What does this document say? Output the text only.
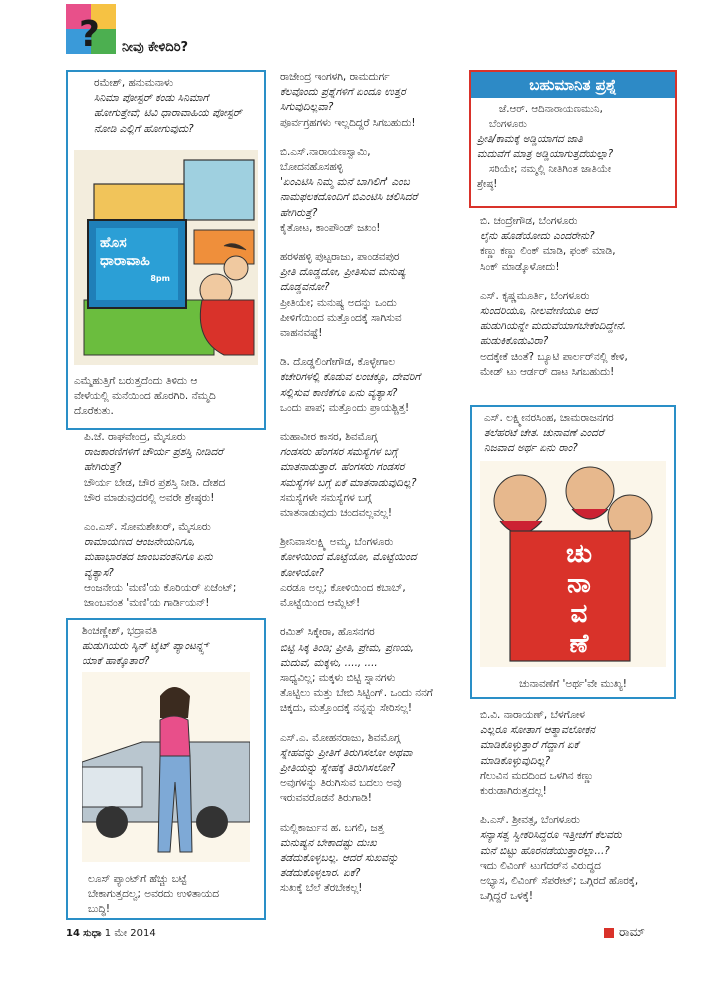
? ನೀವು ಕೇಳಿದಿರಿ?
ರಮೇಶ್, ಹನುಮನಾಳು
ಸಿನಿಮಾ ಪೋಸ್ಟರ್ ಕಂಡು ಸಿನಿಮಾಗೆ
ಹೋಗುತ್ತೇವೆ; ಟಿವಿ ಧಾರಾವಾಹಿಯ ಪೋಸ್ಟರ್
ನೋಡಿ ಎಲ್ಲಿಗೆ ಹೋಗುವುದು?
ಹೊಸ
ಧಾರಾವಾಹಿ
8pm
ಎಮ್ಮೆಹುತ್ತಿಗೆ ಬರುತ್ತದೆಂದು ತಿಳಿದು ಆ
ವೇಳೆಯಲ್ಲಿ ಮನೆಯಿಂದ ಹೊರಗಿರಿ. ನೆಮ್ಮದಿ
ದೊರೆಕುತು.

ಪಿ.ಜೆ. ರಾಘವೇಂದ್ರ, ಮೈಸೂರು

ರಾಜಕಾರಣಿಗಳಿಗೆ ಚೌರ್ಯ ಪ್ರಶಸ್ತಿ ನೀಡಿದರೆ

ಹೇಗಿರುತ್ತೆ?

ಚೌರ್ಯ ಬೇಡ, ಚೌರ ಪ್ರಶಸ್ತಿ ನೀಡಿ. ದೇಶದ

ಚೌರ ಮಾಡುವುದರಲ್ಲಿ ಅವರೇ ಶ್ರೇಷ್ಠರು!

ಎಂ.ಎಸ್. ಸೋಮಶೇಖರ್, ಮೈಸೂರು

ರಾಮಾಯಣದ ಆಂಜನೇಯನಿಗೂ,

ಮಹಾಭಾರತದ ಜಾಂಬವಂತನಿಗೂ ಏನು

ವ್ಯತ್ಯಾಸ?

ಆಂಜನೇಯ 'ಮಣಿ'ಯ ಕೊರಿಯರ್ ಏಜೆಂಟ್;

ಜಾಂಬವಂತ 'ಮಣಿ'ಯ ಗಾರ್ಡಿಯನ್!

ಶಿಂಚಣ್ಣೇಶ್, ಭದ್ರಾವತಿ
ಹುಡುಗಿಯರು ಸ್ಕಿನ್ ಟೈಟ್ ಪ್ಯಾಂಟನ್ನ್ಸ್
ಯಾಕೆ ಹಾಕ್ಕೊತಾರೆ?
ಲೂಸ್ ಪ್ಯಾಂಟ್‌ಗೆ ಹೆಚ್ಚು ಬಟ್ಟೆ
ಬೇಕಾಗುತ್ತದಲ್ವ; ಅವರದು ಉಳಿತಾಯದ
ಬುದ್ಧಿ!

ರಾಜೇಂದ್ರ ಇಂಗಳಗಿ, ರಾಮದುರ್ಗ

ಕೆಲವೊಂದು ಪ್ರಶ್ನೆಗಳಿಗೆ ಏಂದೂ ಉತ್ತರ

ಸಿಗುವುದಿಲ್ಲವಾ?

ಪೂರ್ವಗ್ರಹಗಳು ಇಲ್ಲದಿದ್ದರೆ ಸಿಗಬಹುದು!

ಬಿ.ಎಸ್.ನಾರಾಯಣಸ್ವಾಮಿ,

ಬೋದನಹೊಸಹಳ್ಳಿ

'ಏಂಎಟಿಸಿ ನಿಮ್ಮ ಮನೆ ಬಾಗಿಲಿಗೆ' ಎಂಬ

ನಾಮಫಲಕದೊಂದಿಗೆ ಬಿಎಂಟಿಸಿ ಚಲಿಸಿದರೆ

ಹೇಗಿರುತ್ತೆ?

ಕೈತೋಟ, ಕಾಂಪೌಂಡ್ ಜಖಂ!

ಹರಳಹಳ್ಳಿ ಪುಟ್ಟರಾಜು, ಪಾಂಡವಪುರ

ಪ್ರೀತಿ ದೊಡ್ಡದೋ, ಪ್ರೀತಿಸುವ ಮನುಷ್ಯ

ದೊಡ್ಡವನೋ?

ಪ್ರೀತಿಯೇ; ಮನುಷ್ಯ ಅದನ್ನು ಒಂದು

ಪೀಳಿಗೆಯಿಂದ ಮತ್ತೊಂದಕ್ಕೆ ಸಾಗಿಸುವ

ವಾಹನವಷ್ಟೆ!

ಡಿ. ದೊಡ್ಡಲಿಂಗೇಗೌಡ, ಕೊಳ್ಳೇಗಾಲ

ಕಚೇರಿಗಳಲ್ಲಿ ಕೊಡುವ ಲಂಚಕ್ಕೂ, ದೇವರಿಗೆ

ಸಲ್ಲಿಸುವ ಕಾಣಿಕೆಗೂ ಏನು ವ್ಯತ್ಯಾಸ?

ಒಂದು ಪಾಪ; ಮತ್ತೊಂದು ಪ್ರಾಯಶ್ಚಿತ್ತ!

ಮಹಾವೀರ ಕಾಸರ, ಶಿವಮೊಗ್ಗ

ಗಂಡಸರು ಹೆಂಗಸರ ಸಮಸ್ಯೆಗಳ ಬಗ್ಗೆ

ಮಾತನಾಡುತ್ತಾರೆ. ಹೆಂಗಸರು ಗಂಡಸರ

ಸಮಸ್ಯೆಗಳ ಬಗ್ಗೆ ಏಕೆ ಮಾತನಾಡುವುದಿಲ್ಲ?

ಸಮಸ್ಯೆಗಳೇ ಸಮಸ್ಯೆಗಳ ಬಗ್ಗೆ

ಮಾತನಾಡುವುದು ಚಂದವಲ್ಲವಲ್ಲ!

ಶ್ರೀನಿವಾಸಲಕ್ಷ್ಮಿ ಅಮ್ಮ, ಬೆಂಗಳೂರು

ಕೋಳಿಯಿಂದ ಮೊಟ್ಟೆಯೋ, ಮೊಟ್ಟೆಯಿಂದ

ಕೋಳಿಯೋ?

ಎರಡೂ ಅಲ್ಲ; ಕೋಳಿಯಿಂದ ಕಬಾಬ್,

ಮೊಟ್ಟೆಯಿಂದ ಆಮ್ಲೆಟ್!

ರಮಿತ್ ಸಿಕ್ಕೇರಾ, ಹೊಸನಗರ

ಬಿಟ್ಟಿ ಸಿಕ್ಕ ತಿಂಡಿ; ಪ್ರೀತಿ, ಪ್ರೇಮ, ಪ್ರಣಯ,

ಮದುವೆ, ಮಕ್ಕಳು, ...., ....

ಸಾಧ್ಯವಿಲ್ಲ; ಮಕ್ಕಳು ಬಿಟ್ಟಿ ಸ್ನಾನಗಳು

ತೊಟ್ಟಿಲು ಮತ್ತು ಬೇಬಿ ಸಿಟ್ಟಿಂಗ್. ಒಂದು ನನಗೆ

ಚಿಕ್ಕದು, ಮತ್ತೊಂದಕ್ಕೆ ನನ್ನನ್ನು ಸೇರಿಸಲ್ಲ!

ಎಸ್.ಎ. ಮೋಹನರಾಜು, ಶಿವಮೊಗ್ಗ

ಸ್ನೇಹವನ್ನು ಪ್ರೀತಿಗೆ ತಿರುಗಿಸಲೋ ಅಥವಾ

ಪ್ರೀತಿಯನ್ನು ಸ್ನೇಹಕ್ಕೆ ತಿರುಗಿಸಲೋ?

ಅವುಗಳನ್ನು ತಿರುಗಿಸುವ ಬದಲು ಅವು

ಇರುವವರೊಡನೆ ತಿರುಗಾಡಿ!

ಮಲ್ಲಿಕಾರ್ಜುನ ಹ. ಬಗಲಿ, ಜತ್ತ

ಮನುಷ್ಯನ ಬೇಕಾದಷ್ಟು ದುಃಖ

ತಡೆದುಕೊಳ್ಳಬಲ್ಲ. ಆದರೆ ಸುಖವನ್ನು

ತಡೆದುಕೊಳ್ಳಲಾರ. ಏಕೆ?

ಸುಖಕ್ಕೆ ಬೆಲೆ ತೆರಬೇಕಲ್ಲ!

ಬಹುಮಾನಿತ ಪ್ರಶ್ನೆ

ಜೆ.ಆರ್. ಆದಿನಾರಾಯಣಮುನಿ,

ಬೆಂಗಳೂರು

ಪ್ರೀತಿ/ಕಾಮಕ್ಕೆ ಅಡ್ಡಿಯಾಗದ ಜಾತಿ

ಮದುವೆಗೆ ಮಾತ್ರ ಅಡ್ಡಿಯಾಗುತ್ತದೆಯಲ್ಲಾ?

ಸರಿಯೇ; ನಮ್ಮಲ್ಲಿ ನೀತಿಗಿಂತ ಜಾತಿಯೇ

ಶ್ರೇಷ್ಠ!

ಬಿ. ಚಂದ್ರೇಗೌಡ, ಬೆಂಗಳೂರು

ಲೈನು ಹೊಡೆಯೋದು ಎಂದರೇನು?

ಕಣ್ಣು ಕಣ್ಣು ಲಿಂಕ್ ಮಾಡಿ, ಫಂಕ್ ಮಾಡಿ,

ಸಿಂಕ್ ಮಾಡ್ಕೊಳೋದು!

ಎಸ್. ಕೃಷ್ಣಮೂರ್ತಿ, ಬೆಂಗಳೂರು

ಸುಂದರಿಯೂ, ನೀಲವೇಣಿಯೂ ಆದ

ಹುಡುಗಿಯನ್ನೇ ಮದುವೆಯಾಗಬೇಕೆಂದಿದ್ದೇನೆ.

ಹುಡುಕಿಕೊಡುವಿರಾ?

ಅದಕ್ಕೇಕೆ ಚಿಂತೆ? ಬ್ಯೂಟಿ ಪಾರ್ಲರ್‌ನಲ್ಲಿ ಕೇಳಿ,

ಮೇಡ್ ಟು ಆರ್ಡರ್ ದಾಟ ಸಿಗಬಹುದು!

ಎಸ್. ಲಕ್ಷ್ಮೀನರಸಿಂಹ, ಚಾಮರಾಜನಗರ
ತಲೆಹರಟೆ ಚೇತ. ಚುನಾವಣೆ ಎಂದರೆ
ನಿಜವಾದ ಅರ್ಥ ಏನು ರಾಂ?
ಚು
ನಾ
ವ
ಣೆ
ಚುನಾವಣೆಗೆ 'ಅರ್ಥ'ವೇ ಮುಖ್ಯ!

ಬಿ.ವಿ. ನಾರಾಯಣ್, ಬೆಳಗೋಳ

ಎಲ್ಲರೂ ಸೋತಾಗ ಆತ್ಮಾವಲೋಕನ

ಮಾಡಿಕೊಳ್ಳುತ್ತಾರೆ ಗೆದ್ದಾಗ ಏಕೆ

ಮಾಡಿಕೊಳ್ಳುವುದಿಲ್ಲ?

ಗೆಲುವಿನ ಮದದಿಂದ ಒಳಗಿನ ಕಣ್ಣು

ಕುರುಡಾಗಿರುತ್ತದಲ್ಲ!

ಪಿ.ಎಸ್. ಶ್ರೀವತ್ಸ, ಬೆಂಗಳೂರು

ಸನ್ಯಾಸತ್ವ ಸ್ವೀಕರಿಸಿದ್ದರೂ ಇತ್ತೀಚೆಗೆ ಕೆಲವರು

ಮನೆ ಬಿಟ್ಟು ಹೊರನಡೆಯುತ್ತಾರಲ್ಲಾ...?

ಇದು ಲಿವಿಂಗ್ ಟುಗೆದರ್‌ನ ವಿರುದ್ಧದ

ಅಭ್ಯಾಸ, ಲಿವಿಂಗ್ ಸೆಪರೇಟ್; ಒಗ್ಗಿರದೆ ಹೊರಕ್ಕೆ,

ಒಗ್ಗಿದ್ದರೆ ಒಳಕ್ಕೆ!

14 ಸುಧಾ 1 ಮೇ 2014	ರಾಮ್
